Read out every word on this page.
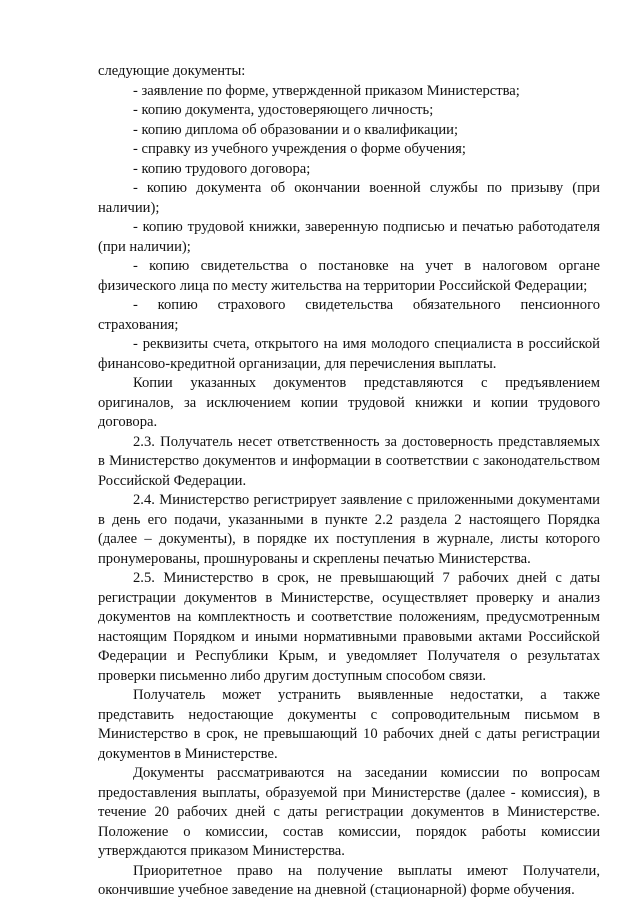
следующие документы:

- заявление по форме, утвержденной приказом Министерства;

- копию документа, удостоверяющего личность;

- копию диплома об образовании и о квалификации;

- справку из учебного учреждения о форме обучения;

- копию трудового договора;

- копию документа об окончании военной службы по призыву (при наличии);

- копию трудовой книжки, заверенную подписью и печатью работодателя (при наличии);

- копию свидетельства о постановке на учет в налоговом органе физического лица по месту жительства на территории Российской Федерации;

- копию страхового свидетельства обязательного пенсионного страхования;

- реквизиты счета, открытого на имя молодого специалиста в российской финансово-кредитной организации, для перечисления выплаты.

Копии указанных документов представляются с предъявлением оригиналов, за исключением копии трудовой книжки и копии трудового договора.

2.3. Получатель несет ответственность за достоверность представляемых в Министерство документов и информации в соответствии с законодательством Российской Федерации.

2.4. Министерство регистрирует заявление с приложенными документами в день его подачи, указанными в пункте 2.2 раздела 2 настоящего Порядка (далее – документы), в порядке их поступления в журнале, листы которого пронумерованы, прошнурованы и скреплены печатью Министерства.

2.5. Министерство в срок, не превышающий 7 рабочих дней с даты регистрации документов в Министерстве, осуществляет проверку и анализ документов на комплектность и соответствие положениям, предусмотренным настоящим Порядком и иными нормативными правовыми актами Российской Федерации и Республики Крым, и уведомляет Получателя о результатах проверки письменно либо другим доступным способом связи.

Получатель может устранить выявленные недостатки, а также представить недостающие документы с сопроводительным письмом в Министерство в срок, не превышающий 10 рабочих дней с даты регистрации документов в Министерстве.

Документы рассматриваются на заседании комиссии по вопросам предоставления выплаты, образуемой при Министерстве (далее - комиссия), в течение 20 рабочих дней с даты регистрации документов в Министерстве. Положение о комиссии, состав комиссии, порядок работы комиссии утверждаются приказом Министерства.

Приоритетное право на получение выплаты имеют Получатели, окончившие учебное заведение на дневной (стационарной) форме обучения.
